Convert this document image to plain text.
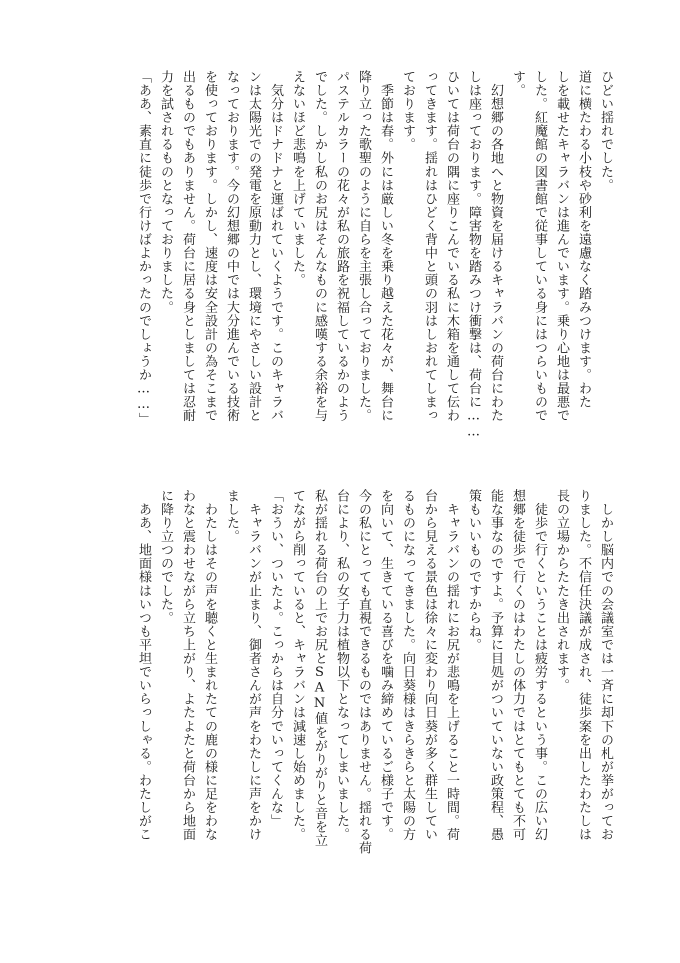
ひどい揺れでした。

道に横たわる小枝や砂利を遠慮なく踏みつけます。わた

しを載せたキャラバンは進んでいます。乗り心地は最悪で

した。紅魔館の図書館で従事している身にはつらいもので

す。

　幻想郷の各地へと物資を届けるキャラバンの荷台にわた

しは座っております。障害物を踏みつけ衝撃は、荷台に……

ひいては荷台の隅に座りこんでいる私に木箱を通して伝わ

ってきます。揺れはひどく背中と頭の羽はしおれてしまっ

ております。

　季節は春。外には厳しい冬を乗り越えた花々が、舞台に

降り立った歌聖のように自らを主張し合っておりました。

パステルカラーの花々が私の旅路を祝福しているかのよう

でした。しかし私のお尻はそんなものに感嘆する余裕を与

えないほど悲鳴を上げていました。

　気分はドナドナと運ばれていくようです。このキャラバ

ンは太陽光での発電を原動力とし、環境にやさしい設計と

なっております。今の幻想郷の中では大分進んでいる技術

を使っております。しかし、速度は安全設計の為そこまで

出るものでもありません。荷台に居る身としましては忍耐

力を試されるものとなっておりました。

「ああ、素直に徒歩で行けばよかったのでしょうか……」

　しかし脳内での会議室では一斉に却下の札が挙がってお

りました。不信任決議が成され、徒歩案を出したわたしは

長の立場からたたき出されます。

　徒歩で行くということは疲労するという事。この広い幻

想郷を徒歩で行くのはわたしの体力ではとてもとても不可

能な事なのですよ。予算に目処がついていない政策程、愚

策もいいものですからね。

　キャラバンの揺れにお尻が悲鳴を上げること一時間。荷

台から見える景色は徐々に変わり向日葵が多く群生してい

るものになってきました。向日葵様はきらきらと太陽の方

を向いて、生きている喜びを噛み締めているご様子です。

今の私にとっても直視できるものではありません。揺れる荷

台により、私の女子力は植物以下となってしまいました。

私が揺れる荷台の上でお尻とSAN値をがりがりと音を立

てながら削っていると、キャラバンは減速し始めました。

「おうい、ついたよ。こっからは自分でいってくんな」

　キャラバンが止まり、御者さんが声をわたしに声をかけ

ました。

　わたしはその声を聴くと生まれたての鹿の様に足をわな

わなと震わせながら立ち上がり、よたよたと荷台から地面

に降り立つのでした。

　ああ、地面様はいつも平坦でいらっしゃる。わたしがこ
